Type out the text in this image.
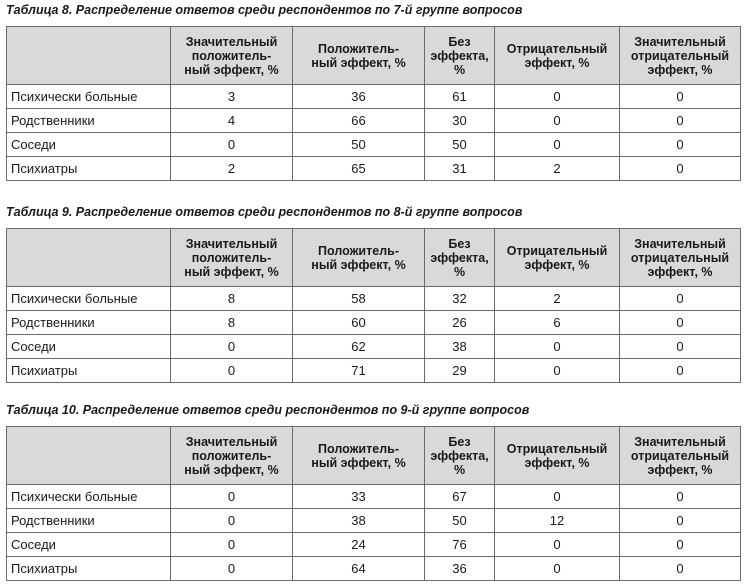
Таблица 8. Распределение ответов среди респондентов по 7-й группе вопросов

	Значительный
положитель-
ный эффект, %	Положитель-
ный эффект, %	Без
эффекта,
%	Отрицательный
эффект, %	Значительный
отрицательный
эффект, %

Психически больные	3	36	61	0	0
Родственники	4	66	30	0	0
Соседи	0	50	50	0	0
Психиатры	2	65	31	2	0
Таблица 9. Распределение ответов среди респондентов по 8-й группе вопросов

	Значительный
положитель-
ный эффект, %	Положитель-
ный эффект, %	Без
эффекта,
%	Отрицательный
эффект, %	Значительный
отрицательный
эффект, %

Психически больные	8	58	32	2	0
Родственники	8	60	26	6	0
Соседи	0	62	38	0	0
Психиатры	0	71	29	0	0
Таблица 10. Распределение ответов среди респондентов по 9-й группе вопросов

	Значительный
положитель-
ный эффект, %	Положитель-
ный эффект, %	Без
эффекта,
%	Отрицательный
эффект, %	Значительный
отрицательный
эффект, %

Психически больные	0	33	67	0	0
Родственники	0	38	50	12	0
Соседи	0	24	76	0	0
Психиатры	0	64	36	0	0
